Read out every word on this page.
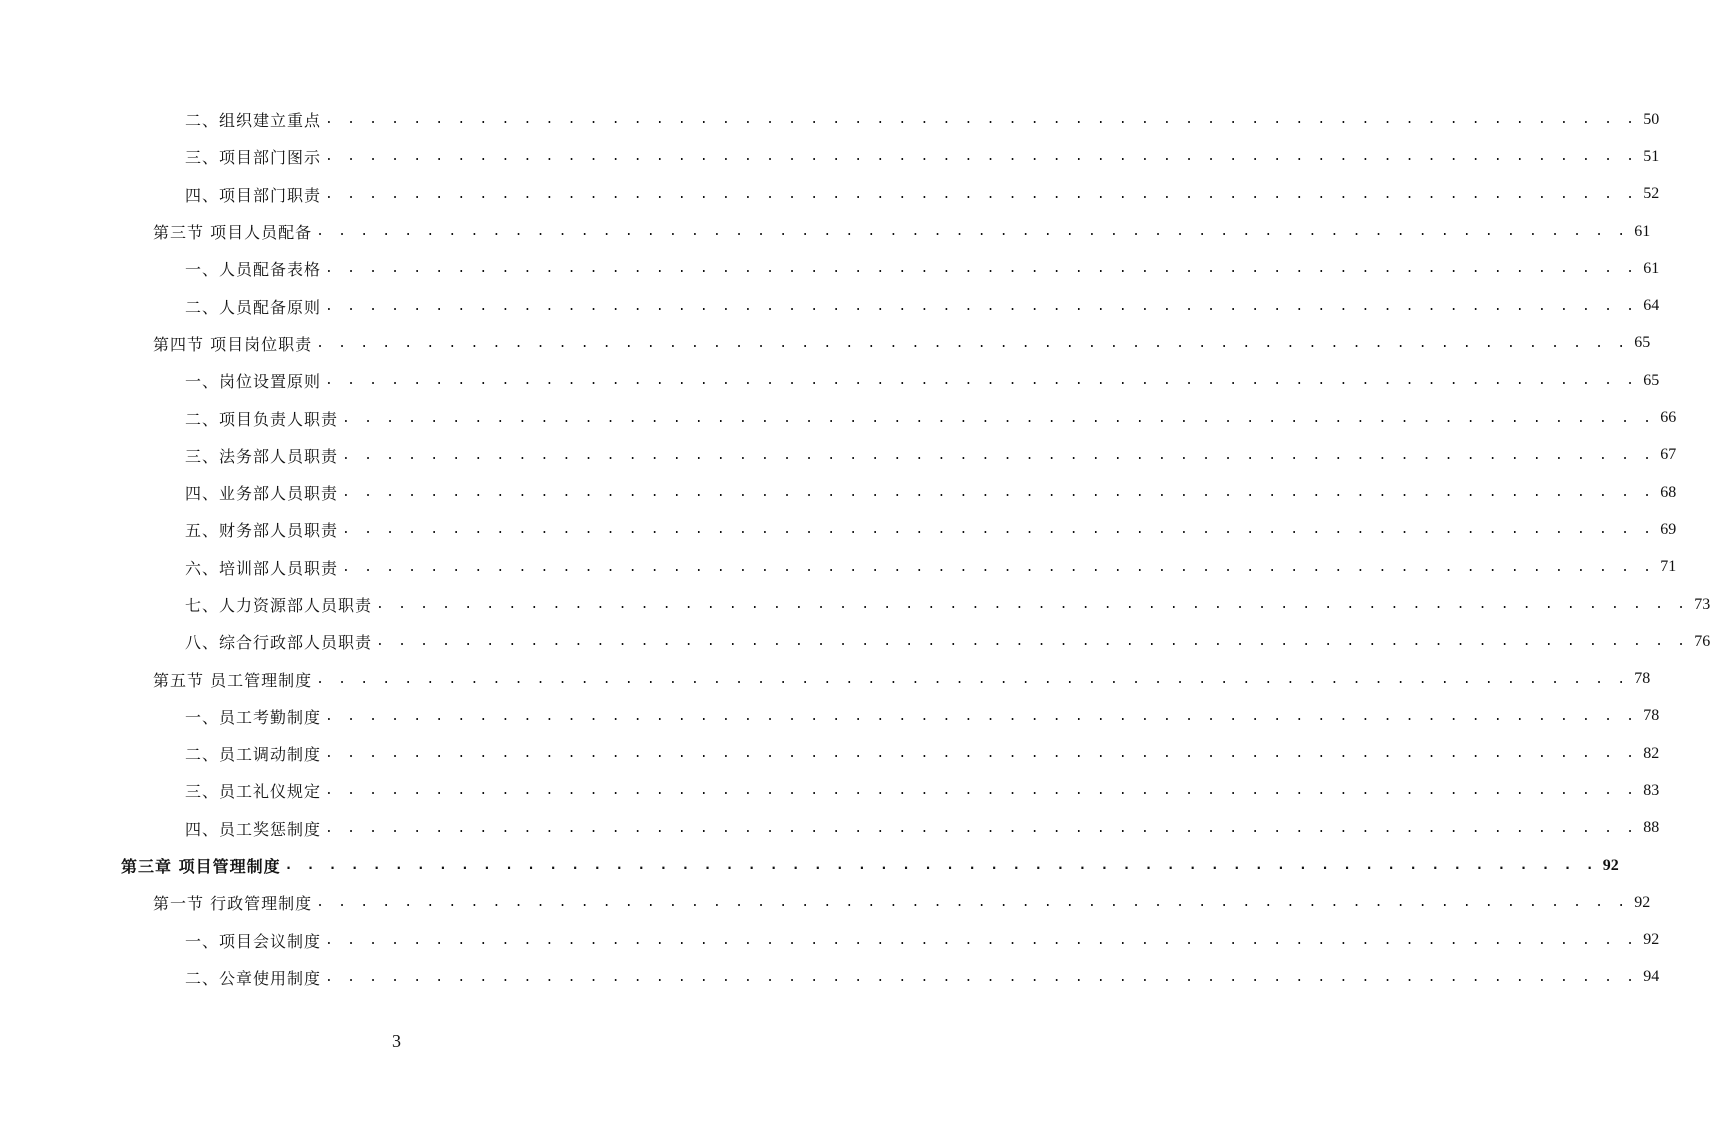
二、组织建立重点 . . . . . . . . . . . . . . . . . . . . . . . . . . . . . . . . . . . . . . . . . . . . . . . . . . . . . . . . . . . . 50
三、项目部门图示 . . . . . . . . . . . . . . . . . . . . . . . . . . . . . . . . . . . . . . . . . . . . . . . . . . . . . . . . . . . . 51
四、项目部门职责 . . . . . . . . . . . . . . . . . . . . . . . . . . . . . . . . . . . . . . . . . . . . . . . . . . . . . . . . . . . . 52
第三节 项目人员配备 . . . . . . . . . . . . . . . . . . . . . . . . . . . . . . . . . . . . . . . . . . . . . . . . . . . . . . . . . . . . 61
一、人员配备表格 . . . . . . . . . . . . . . . . . . . . . . . . . . . . . . . . . . . . . . . . . . . . . . . . . . . . . . . . . . . . 61
二、人员配备原则 . . . . . . . . . . . . . . . . . . . . . . . . . . . . . . . . . . . . . . . . . . . . . . . . . . . . . . . . . . . . 64
第四节 项目岗位职责 . . . . . . . . . . . . . . . . . . . . . . . . . . . . . . . . . . . . . . . . . . . . . . . . . . . . . . . . . . . . 65
一、岗位设置原则 . . . . . . . . . . . . . . . . . . . . . . . . . . . . . . . . . . . . . . . . . . . . . . . . . . . . . . . . . . . . 65
二、项目负责人职责 . . . . . . . . . . . . . . . . . . . . . . . . . . . . . . . . . . . . . . . . . . . . . . . . . . . . . . . . . . . . 66
三、法务部人员职责 . . . . . . . . . . . . . . . . . . . . . . . . . . . . . . . . . . . . . . . . . . . . . . . . . . . . . . . . . . . . 67
四、业务部人员职责 . . . . . . . . . . . . . . . . . . . . . . . . . . . . . . . . . . . . . . . . . . . . . . . . . . . . . . . . . . . . 68
五、财务部人员职责 . . . . . . . . . . . . . . . . . . . . . . . . . . . . . . . . . . . . . . . . . . . . . . . . . . . . . . . . . . . . 69
六、培训部人员职责 . . . . . . . . . . . . . . . . . . . . . . . . . . . . . . . . . . . . . . . . . . . . . . . . . . . . . . . . . . . . 71
七、人力资源部人员职责 . . . . . . . . . . . . . . . . . . . . . . . . . . . . . . . . . . . . . . . . . . . . . . . . . . . . . . . . . . . . 73
八、综合行政部人员职责 . . . . . . . . . . . . . . . . . . . . . . . . . . . . . . . . . . . . . . . . . . . . . . . . . . . . . . . . . . . . 76
第五节 员工管理制度 . . . . . . . . . . . . . . . . . . . . . . . . . . . . . . . . . . . . . . . . . . . . . . . . . . . . . . . . . . . . 78
一、员工考勤制度 . . . . . . . . . . . . . . . . . . . . . . . . . . . . . . . . . . . . . . . . . . . . . . . . . . . . . . . . . . . . 78
二、员工调动制度 . . . . . . . . . . . . . . . . . . . . . . . . . . . . . . . . . . . . . . . . . . . . . . . . . . . . . . . . . . . . 82
三、员工礼仪规定 . . . . . . . . . . . . . . . . . . . . . . . . . . . . . . . . . . . . . . . . . . . . . . . . . . . . . . . . . . . . 83
四、员工奖惩制度 . . . . . . . . . . . . . . . . . . . . . . . . . . . . . . . . . . . . . . . . . . . . . . . . . . . . . . . . . . . . 88
第三章 项目管理制度 . . . . . . . . . . . . . . . . . . . . . . . . . . . . . . . . . . . . . . . . . . . . . . . . . . . . . . . . . . . . 92
第一节 行政管理制度 . . . . . . . . . . . . . . . . . . . . . . . . . . . . . . . . . . . . . . . . . . . . . . . . . . . . . . . . . . . . 92
一、项目会议制度 . . . . . . . . . . . . . . . . . . . . . . . . . . . . . . . . . . . . . . . . . . . . . . . . . . . . . . . . . . . . 92
二、公章使用制度 . . . . . . . . . . . . . . . . . . . . . . . . . . . . . . . . . . . . . . . . . . . . . . . . . . . . . . . . . . . . 94
3
